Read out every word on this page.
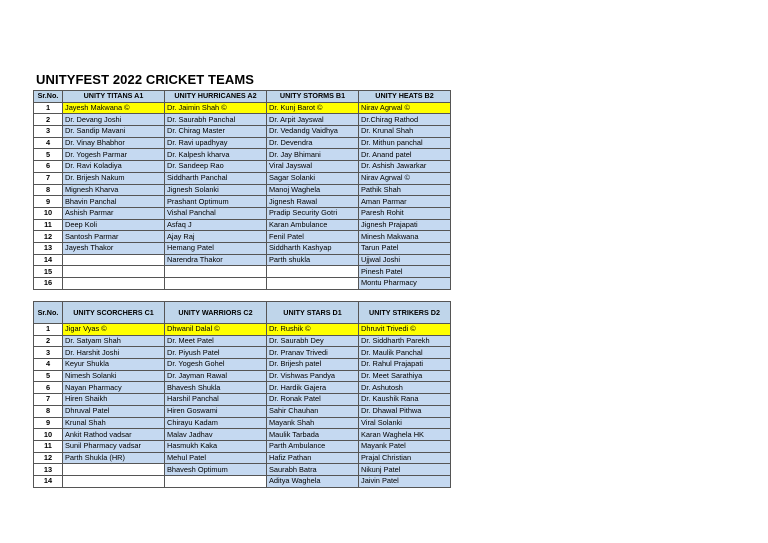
UNITYFEST 2022 CRICKET TEAMS
Sr.No.	UNITY TITANS A1	UNITY HURRICANES A2	UNITY STORMS B1	UNITY HEATS B2
1	Jayesh Makwana ©	Dr. Jaimin Shah ©	Dr. Kunj Barot ©	Nirav Agrwal ©
2	Dr. Devang Joshi	Dr. Saurabh Panchal	Dr. Arpit Jayswal	Dr.Chirag Rathod
3	Dr. Sandip Mavani	Dr. Chirag Master	Dr. Vedandg Vaidhya	Dr. Krunal Shah
4	Dr. Vinay Bhabhor	Dr. Ravi upadhyay	Dr. Devendra	Dr. Mithun panchal
5	Dr. Yogesh Parmar	Dr. Kalpesh kharva	Dr. Jay Bhimani	Dr. Anand patel
6	Dr. Ravi Koladiya	Dr. Sandeep Rao	Viral Jayswal	Dr. Ashish Jawarkar
7	Dr. Brijesh Nakum	Siddharth Panchal	Sagar Solanki	Nirav Agrwal ©
8	Mignesh Kharva	Jignesh Solanki	Manoj Waghela	Pathik Shah
9	Bhavin Panchal	Prashant Optimum	Jignesh Rawal	Aman Parmar
10	Ashish Parmar	Vishal Panchal	Pradip Security Gotri	Paresh Rohit
11	Deep Koli	Asfaq J	Karan Ambulance	Jignesh Prajapati
12	Santosh Parmar	Ajay Raj	Fenil Patel	Minesh Makwana
13	Jayesh Thakor	Hemang Patel	Siddharth Kashyap	Tarun Patel
14		Narendra Thakor	Parth shukla	Ujjwal Joshi
15				Pinesh Patel
16				Montu Pharmacy
Sr.No.	UNITY SCORCHERS C1	UNITY WARRIORS C2	UNITY STARS D1	UNITY STRIKERS D2
1	Jigar Vyas ©	Dhwanil Dalal ©	Dr. Rushik ©	Dhruvit Trivedi ©
2	Dr. Satyam Shah	Dr. Meet Patel	Dr. Saurabh Dey	Dr. Siddharth Parekh
3	Dr. Harshit Joshi	Dr. Piyush Patel	Dr. Pranav Trivedi	Dr. Maulik Panchal
4	Keyur Shukla	Dr. Yogesh Gohel	Dr. Brijesh patel	Dr. Rahul Prajapati
5	Nimesh Solanki	Dr. Jayman Rawal	Dr. Vishwas Pandya	Dr. Meet Sarathiya
6	Nayan Pharmacy	Bhavesh Shukla	Dr. Hardik Gajera	Dr. Ashutosh
7	Hiren Shaikh	Harshil Panchal	Dr. Ronak Patel	Dr. Kaushik Rana
8	Dhruval Patel	Hiren Goswami	Sahir Chauhan	Dr. Dhawal Pithwa
9	Krunal Shah	Chirayu Kadam	Mayank Shah	Viral Solanki
10	Ankit Rathod vadsar	Malav Jadhav	Maulik Tarbada	Karan Waghela HK
11	Sunil Pharmacy vadsar	Hasmukh Kaka	Parth Ambulance	Mayank Patel
12	Parth Shukla (HR)	Mehul Patel	Hafiz Pathan	Prajal Christian
13		Bhavesh Optimum	Saurabh Batra	Nikunj Patel
14			Aditya Waghela	Jaivin Patel
